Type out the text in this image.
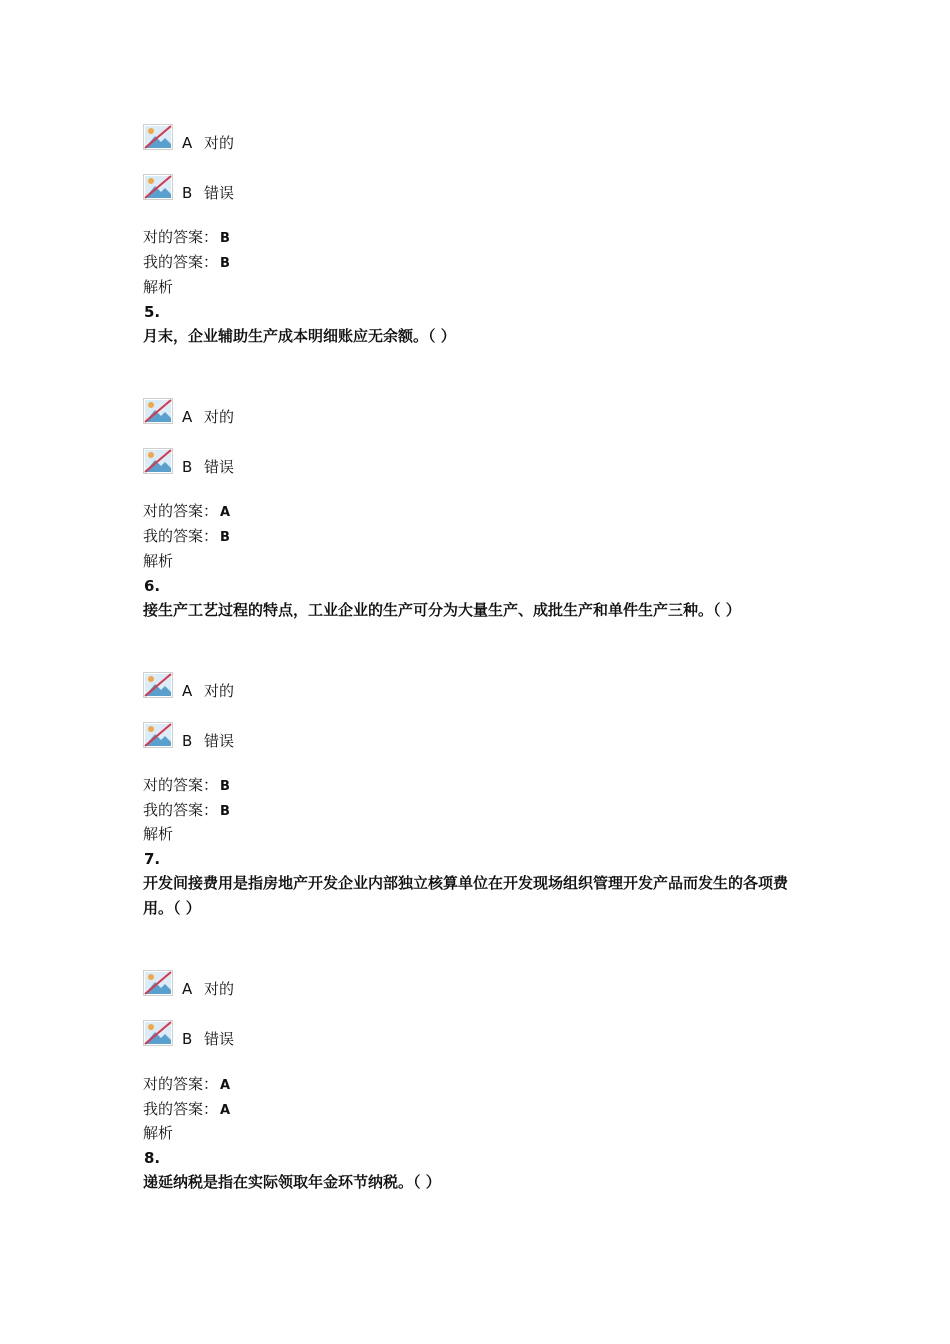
A 对的
B 错误
对的答案： B
我的答案： B
解析
5.
月末，企业辅助生产成本明细账应无余额。（ ）
A 对的
B 错误
对的答案： A
我的答案： B
解析
6.
接生产工艺过程的特点，工业企业的生产可分为大量生产、成批生产和单件生产三种。（ ）
A 对的
B 错误
对的答案： B
我的答案： B
解析
7.
开发间接费用是指房地产开发企业内部独立核算单位在开发现场组织管理开发产品而发生的各项费用。（ ）
A 对的
B 错误
对的答案： A
我的答案： A
解析
8.
递延纳税是指在实际领取年金环节纳税。（ ）
